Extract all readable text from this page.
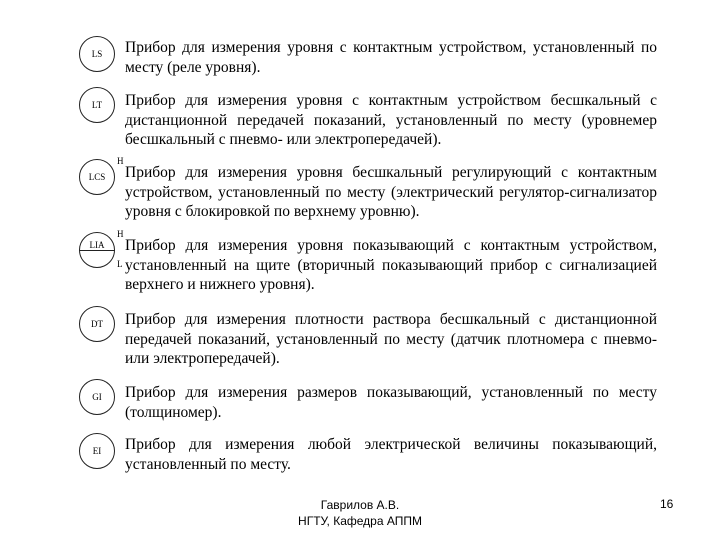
LS Прибор для измерения уровня с контактным устройством, установленный по месту (реле уровня).
LT Прибор для измерения уровня с контактным устройством бесшкальный с дистанционной передачей показаний, установленный по месту (уровнемер бесшкальный с пневмо- или электропередачей).
LCS
H
Прибор для измерения уровня бесшкальный регулирующий с контактным устройством, установленный по месту (электрический регулятор-сигнализатор уровня с блокировкой по верхнему уровню).
LIA
H
L
Прибор для измерения уровня показывающий с контактным устройством, установленный на щите (вторичный показывающий прибор с сигнализацией верхнего и нижнего уровня).
DT Прибор для измерения плотности раствора бесшкальный с дистанционной передачей показаний, установленный по месту (датчик плотномера с пневмо- или электропередачей).
GI Прибор для измерения размеров показывающий, установленный по месту (толщиномер).
EI Прибор для измерения любой электрической величины показывающий, установленный по месту.
Гаврилов А.В.
НГТУ, Кафедра АППМ
16
